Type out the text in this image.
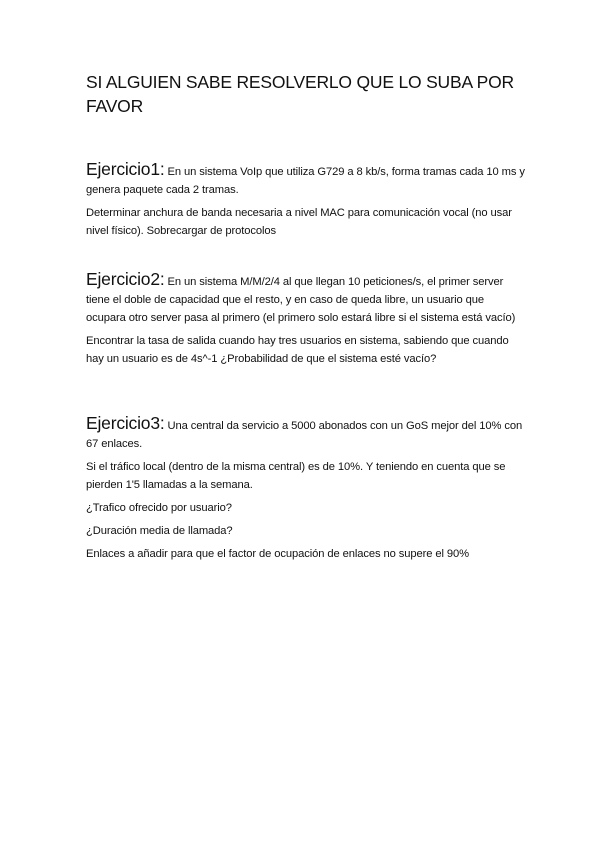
SI ALGUIEN SABE RESOLVERLO QUE LO SUBA POR FAVOR

Ejercicio1: En un sistema VoIp que utiliza G729 a 8 kb/s, forma tramas cada 10 ms y genera paquete cada 2 tramas.

Determinar anchura de banda necesaria a nivel MAC para comunicación vocal (no usar nivel físico). Sobrecargar de protocolos

Ejercicio2: En un sistema M/M/2/4 al que llegan 10 peticiones/s, el primer server tiene el doble de capacidad que el resto, y en caso de queda libre, un usuario que ocupara otro server pasa al primero (el primero solo estará libre si el sistema está vacío)

Encontrar la tasa de salida cuando hay tres usuarios en sistema, sabiendo que cuando hay un usuario es de 4s^-1 ¿Probabilidad de que el sistema esté vacío?

Ejercicio3: Una central da servicio a 5000 abonados con un GoS mejor del 10% con 67 enlaces.

Si el tráfico local (dentro de la misma central) es de 10%. Y teniendo en cuenta que se pierden 1'5 llamadas a la semana.

¿Trafico ofrecido por usuario?

¿Duración media de llamada?

Enlaces a añadir para que el factor de ocupación de enlaces no supere el 90%
